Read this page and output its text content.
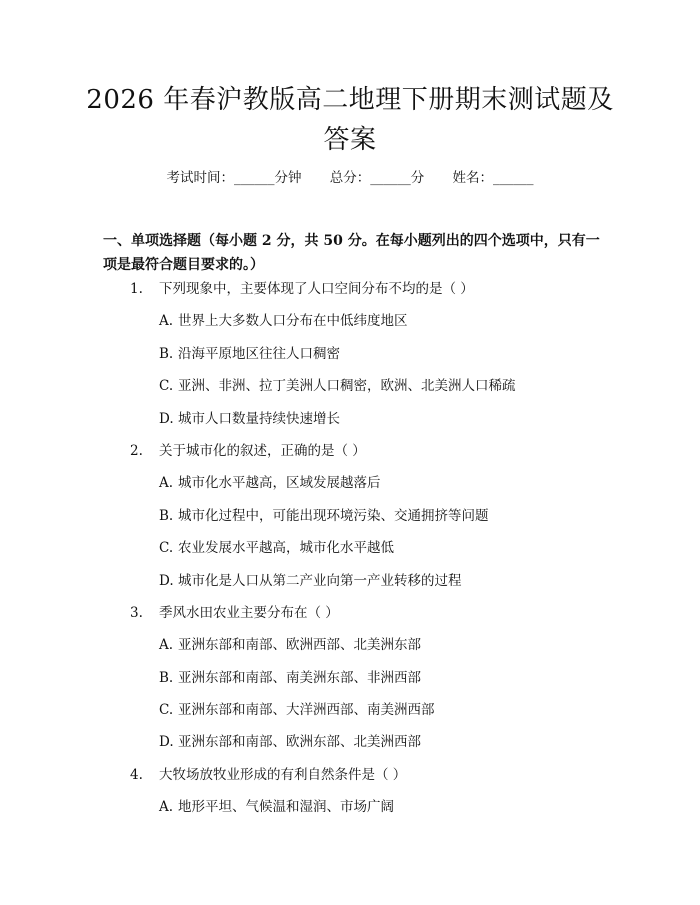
2026 年春沪教版高二地理下册期末测试题及
答案
考试时间：______分钟 总分：______分 姓名：______

一、单项选择题（每小题 2 分，共 50 分。在每小题列出的四个选项中，只有一项是最符合题目要求的。）

1. 下列现象中，主要体现了人口空间分布不均的是（ ）
A. 世界上大多数人口分布在中低纬度地区
B. 沿海平原地区往往人口稠密
C. 亚洲、非洲、拉丁美洲人口稠密，欧洲、北美洲人口稀疏
D. 城市人口数量持续快速增长
2. 关于城市化的叙述，正确的是（ ）
A. 城市化水平越高，区域发展越落后
B. 城市化过程中，可能出现环境污染、交通拥挤等问题
C. 农业发展水平越高，城市化水平越低
D. 城市化是人口从第二产业向第一产业转移的过程
3. 季风水田农业主要分布在（ ）
A. 亚洲东部和南部、欧洲西部、北美洲东部
B. 亚洲东部和南部、南美洲东部、非洲西部
C. 亚洲东部和南部、大洋洲西部、南美洲西部
D. 亚洲东部和南部、欧洲东部、北美洲西部
4. 大牧场放牧业形成的有利自然条件是（ ）
A. 地形平坦、气候温和湿润、市场广阔
